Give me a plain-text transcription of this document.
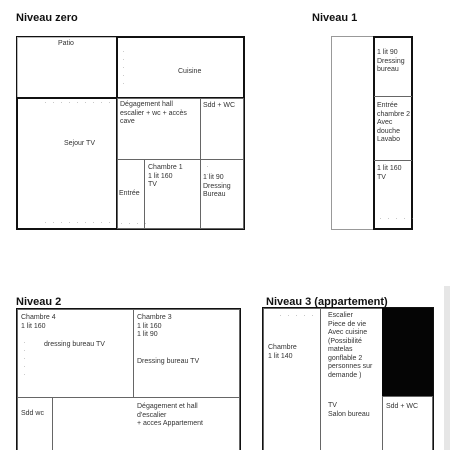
Niveau zero
Patio
· · · · ·	Cuisine
· · · · · · · · · ·
Sejour TV
· · · · · · · · · ·
Dégagement hall
escalier + wc + accès
cave
Sdd + WC
Entrée
· · · ·
Chambre 1
1 lit 160
TV
· ·
1 lit 90
Dressing
Bureau
Niveau 1
1 lit 90
Dressing
bureau
Entrée
chambre 2
Avec
douche
Lavabo
1 lit 160
TV
· · · · ·
Niveau 2
Chambre 4
1 lit 160
· · · · · dressing bureau TV
Chambre 3
1 lit 160
1 lit 90
Dressing bureau TV
Sdd wc
Dégagement et hall
d'escalier
+ acces Appartement
Niveau 3 (appartement)
· · · · ·
Chambre
1 lit 140
Escalier
Piece de vie
Avec cuisine
(Possibilité
matelas
gonflable 2
personnes sur
demande )
TV
Salon bureau
Sdd + WC
